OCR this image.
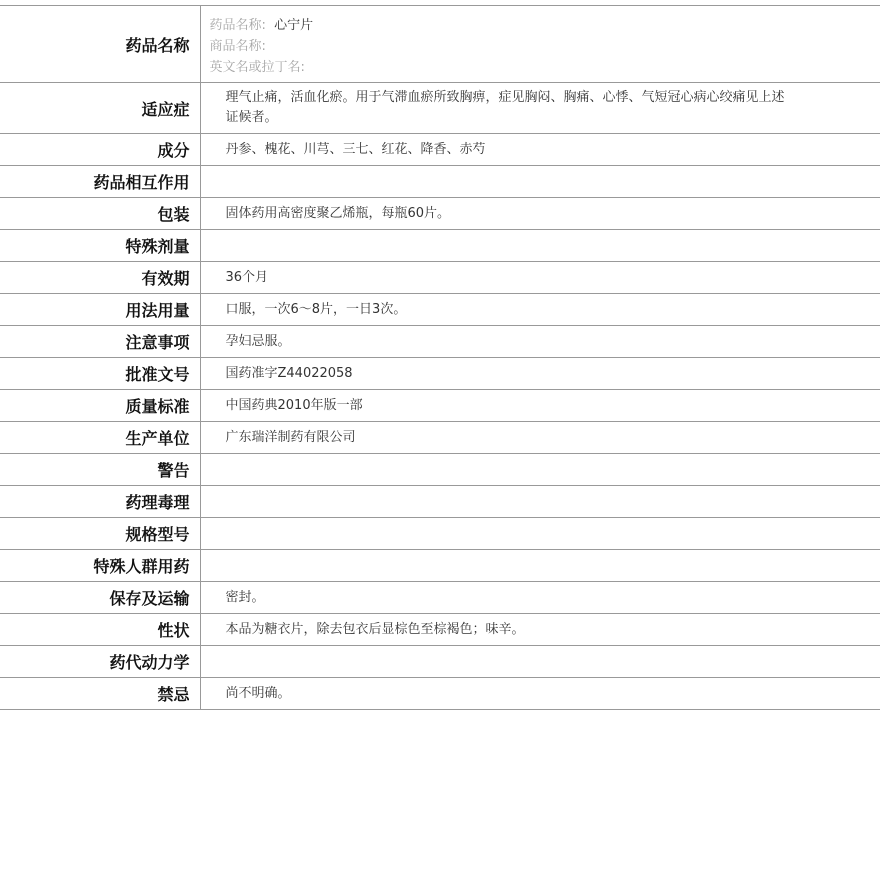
药品名称	药品名称: 心宁片
商品名称:
英文名或拉丁名:

适应症	理气止痛，活血化瘀。用于气滞血瘀所致胸痹，症见胸闷、胸痛、心悸、气短冠心病心绞痛见上述证候者。

成分	丹参、槐花、川芎、三七、红花、降香、赤芍
药品相互作用	
包装	固体药用高密度聚乙烯瓶，每瓶60片。
特殊剂量	
有效期	36个月
用法用量	口服，一次6～8片，一日3次。
注意事项	孕妇忌服。
批准文号	国药准字Z44022058
质量标准	中国药典2010年版一部
生产单位	广东瑞洋制药有限公司
警告	
药理毒理	
规格型号	
特殊人群用药	
保存及运输	密封。
性状	本品为糖衣片，除去包衣后显棕色至棕褐色；味辛。
药代动力学	
禁忌	尚不明确。
